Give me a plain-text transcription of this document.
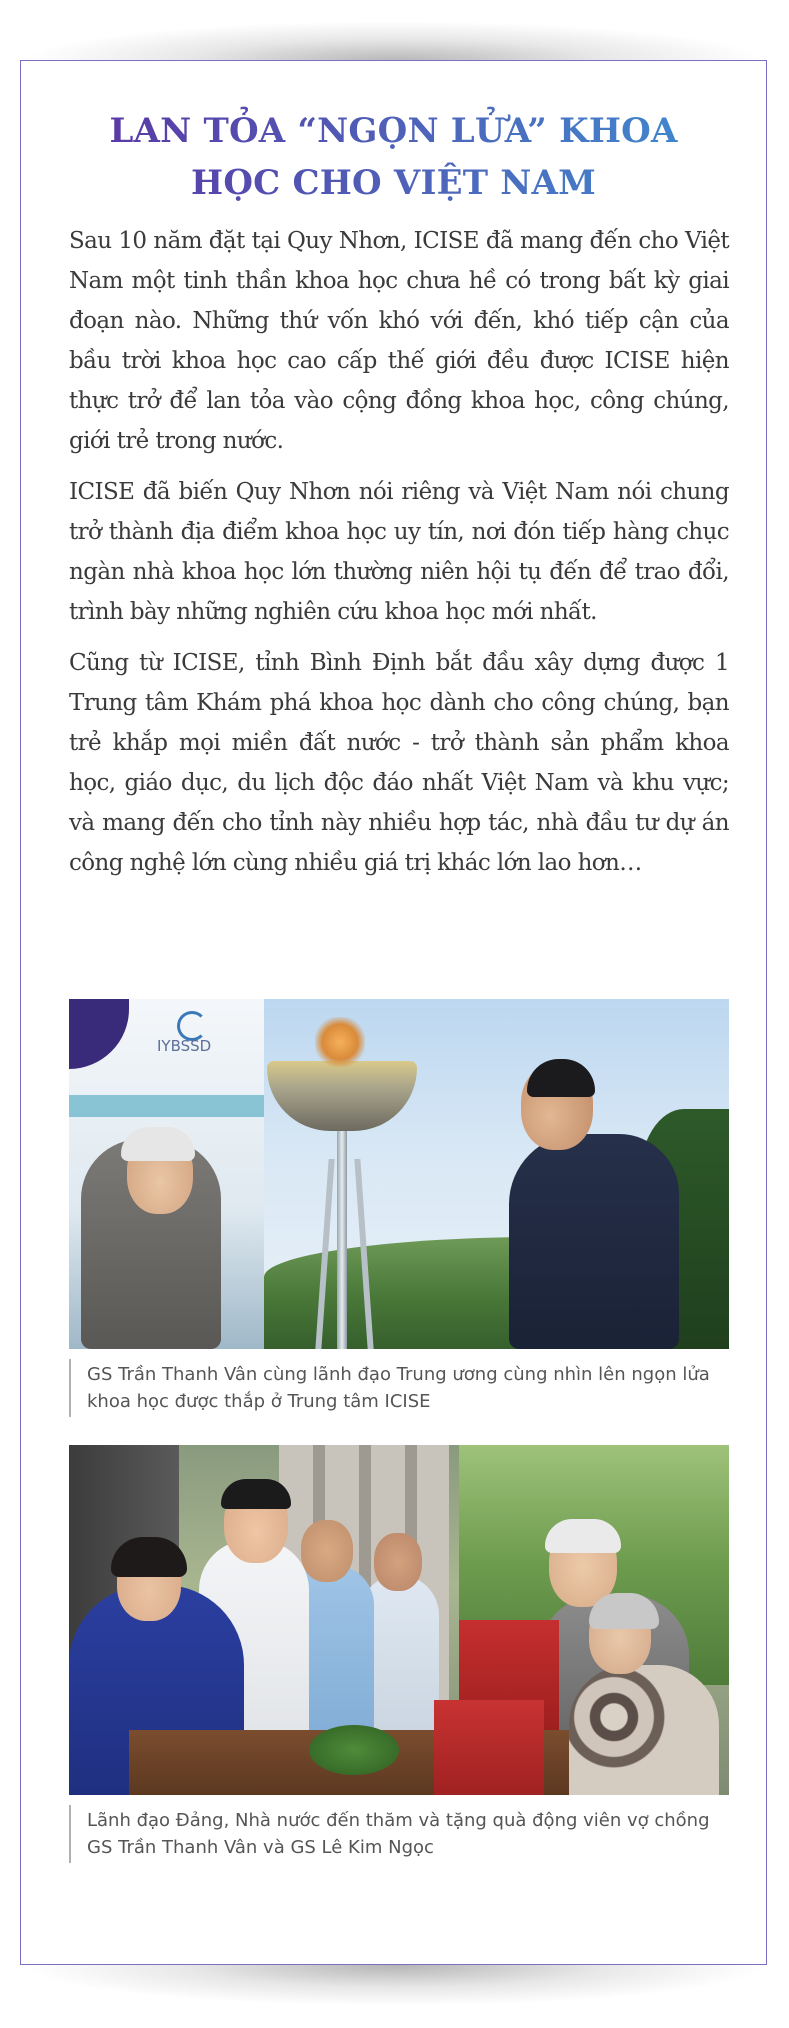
LAN TỎA “NGỌN LỬA” KHOA HỌC CHO VIỆT NAM

Sau 10 năm đặt tại Quy Nhơn, ICISE đã mang đến cho Việt Nam một tinh thần khoa học chưa hề có trong bất kỳ giai đoạn nào. Những thứ vốn khó với đến, khó tiếp cận của bầu trời khoa học cao cấp thế giới đều được ICISE hiện thực trở để lan tỏa vào cộng đồng khoa học, công chúng, giới trẻ trong nước.

ICISE đã biến Quy Nhơn nói riêng và Việt Nam nói chung trở thành địa điểm khoa học uy tín, nơi đón tiếp hàng chục ngàn nhà khoa học lớn thường niên hội tụ đến để trao đổi, trình bày những nghiên cứu khoa học mới nhất.

Cũng từ ICISE, tỉnh Bình Định bắt đầu xây dựng được 1 Trung tâm Khám phá khoa học dành cho công chúng, bạn trẻ khắp mọi miền đất nước - trở thành sản phẩm khoa học, giáo dục, du lịch độc đáo nhất Việt Nam và khu vực; và mang đến cho tỉnh này nhiều hợp tác, nhà đầu tư dự án công nghệ lớn cùng nhiều giá trị khác lớn lao hơn…

IYBSSD
GS Trần Thanh Vân cùng lãnh đạo Trung ương cùng nhìn lên ngọn lửa khoa học được thắp ở Trung tâm ICISE
Lãnh đạo Đảng, Nhà nước đến thăm và tặng quà động viên vợ chồng GS Trần Thanh Vân và GS Lê Kim Ngọc
